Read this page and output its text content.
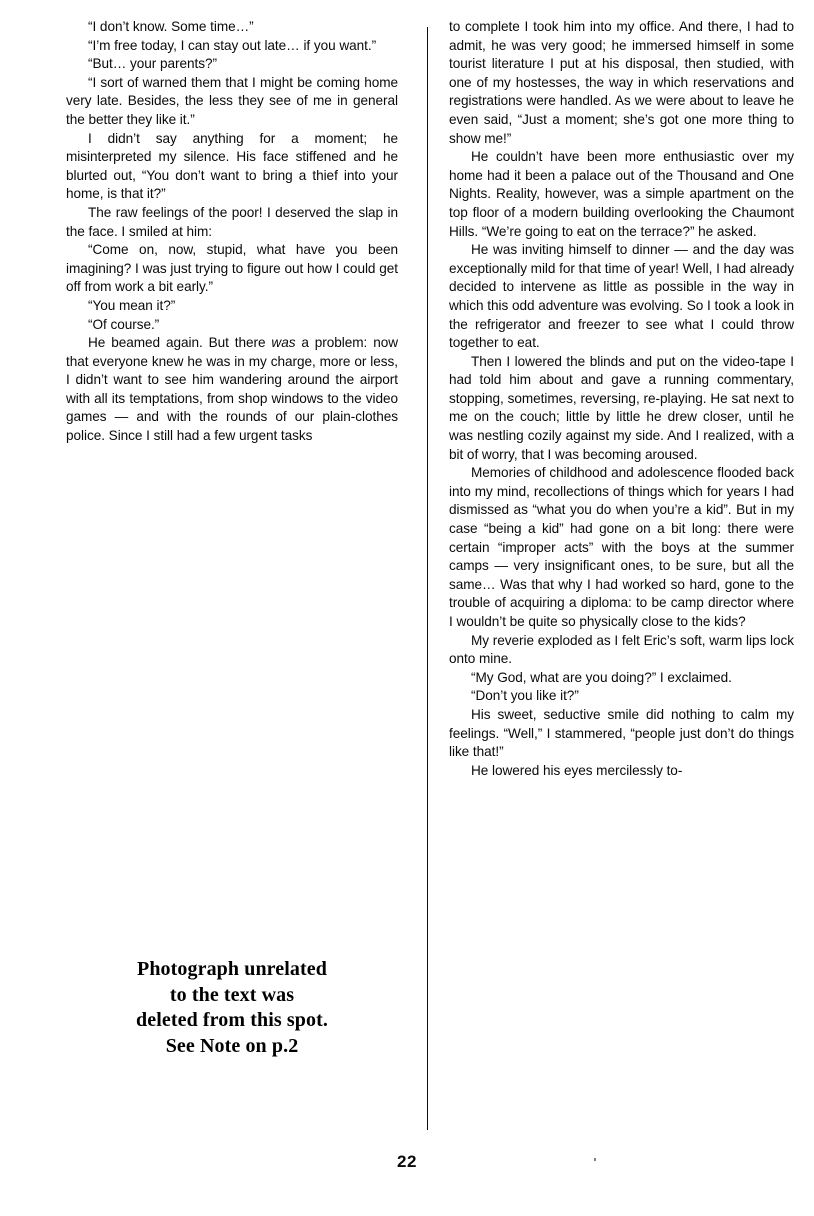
“I don’t know. Some time…”

“I’m free today, I can stay out late… if you want.”

“But… your parents?”

“I sort of warned them that I might be coming home very late. Besides, the less they see of me in general the better they like it.”

I didn’t say anything for a moment; he misinterpreted my silence. His face stiffened and he blurted out, “You don’t want to bring a thief into your home, is that it?”

The raw feelings of the poor! I deserved the slap in the face. I smiled at him:

“Come on, now, stupid, what have you been imagining? I was just trying to figure out how I could get off from work a bit early.”

“You mean it?”

“Of course.”

He beamed again. But there was a problem: now that everyone knew he was in my charge, more or less, I didn’t want to see him wandering around the airport with all its temptations, from shop windows to the video games — and with the rounds of our plain-clothes police. Since I still had a few urgent tasks

Photograph unrelated
to the text was
deleted from this spot.
See Note on p.2

to complete I took him into my office. And there, I had to admit, he was very good; he immersed himself in some tourist literature I put at his disposal, then studied, with one of my hostesses, the way in which reservations and registrations were handled. As we were about to leave he even said, “Just a moment; she’s got one more thing to show me!”

He couldn’t have been more enthusiastic over my home had it been a palace out of the Thousand and One Nights. Reality, however, was a simple apartment on the top floor of a modern building overlooking the Chaumont Hills. “We’re going to eat on the terrace?” he asked.

He was inviting himself to dinner — and the day was exceptionally mild for that time of year! Well, I had already decided to intervene as little as possible in the way in which this odd adventure was evolving. So I took a look in the refrigerator and freezer to see what I could throw together to eat.

Then I lowered the blinds and put on the video-tape I had told him about and gave a running commentary, stopping, sometimes, reversing, re-playing. He sat next to me on the couch; little by little he drew closer, until he was nestling cozily against my side. And I realized, with a bit of worry, that I was becoming aroused.

Memories of childhood and adolescence flooded back into my mind, recollections of things which for years I had dismissed as “what you do when you’re a kid”. But in my case “being a kid” had gone on a bit long: there were certain “improper acts” with the boys at the summer camps — very insignificant ones, to be sure, but all the same… Was that why I had worked so hard, gone to the trouble of acquiring a diploma: to be camp director where I wouldn’t be quite so physically close to the kids?

My reverie exploded as I felt Eric’s soft, warm lips lock onto mine.

“My God, what are you doing?” I exclaimed.

“Don’t you like it?”

His sweet, seductive smile did nothing to calm my feelings. “Well,” I stammered, “people just don’t do things like that!”

He lowered his eyes mercilessly to-

22
